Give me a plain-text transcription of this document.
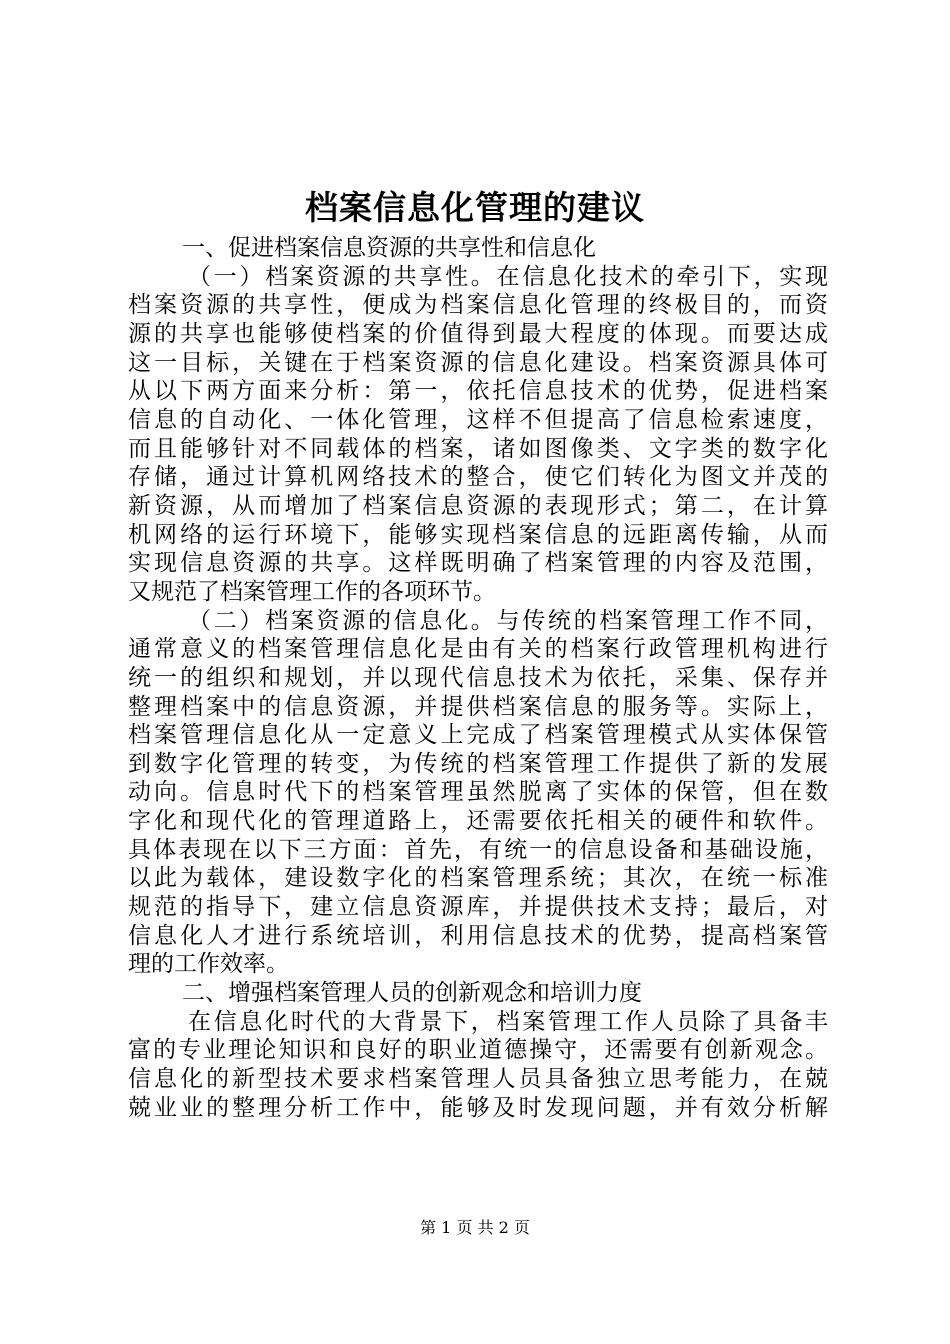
档案信息化管理的建议
一、促进档案信息资源的共享性和信息化
（一）档案资源的共享性。在信息化技术的牵引下，实现
档案资源的共享性，便成为档案信息化管理的终极目的，而资
源的共享也能够使档案的价值得到最大程度的体现。而要达成
这一目标，关键在于档案资源的信息化建设。档案资源具体可
从以下两方面来分析：第一，依托信息技术的优势，促进档案
信息的自动化、一体化管理，这样不但提高了信息检索速度，
而且能够针对不同载体的档案，诸如图像类、文字类的数字化
存储，通过计算机网络技术的整合，使它们转化为图文并茂的
新资源，从而增加了档案信息资源的表现形式；第二，在计算
机网络的运行环境下，能够实现档案信息的远距离传输，从而
实现信息资源的共享。这样既明确了档案管理的内容及范围，
又规范了档案管理工作的各项环节。
（二）档案资源的信息化。与传统的档案管理工作不同，
通常意义的档案管理信息化是由有关的档案行政管理机构进行
统一的组织和规划，并以现代信息技术为依托，采集、保存并
整理档案中的信息资源，并提供档案信息的服务等。实际上，
档案管理信息化从一定意义上完成了档案管理模式从实体保管
到数字化管理的转变，为传统的档案管理工作提供了新的发展
动向。信息时代下的档案管理虽然脱离了实体的保管，但在数
字化和现代化的管理道路上，还需要依托相关的硬件和软件。
具体表现在以下三方面：首先，有统一的信息设备和基础设施，
以此为载体，建设数字化的档案管理系统；其次，在统一标准
规范的指导下，建立信息资源库，并提供技术支持；最后，对
信息化人才进行系统培训，利用信息技术的优势，提高档案管
理的工作效率。
二、增强档案管理人员的创新观念和培训力度
在信息化时代的大背景下，档案管理工作人员除了具备丰
富的专业理论知识和良好的职业道德操守，还需要有创新观念。
信息化的新型技术要求档案管理人员具备独立思考能力，在兢
兢业业的整理分析工作中，能够及时发现问题，并有效分析解
第 1 页 共 2 页
